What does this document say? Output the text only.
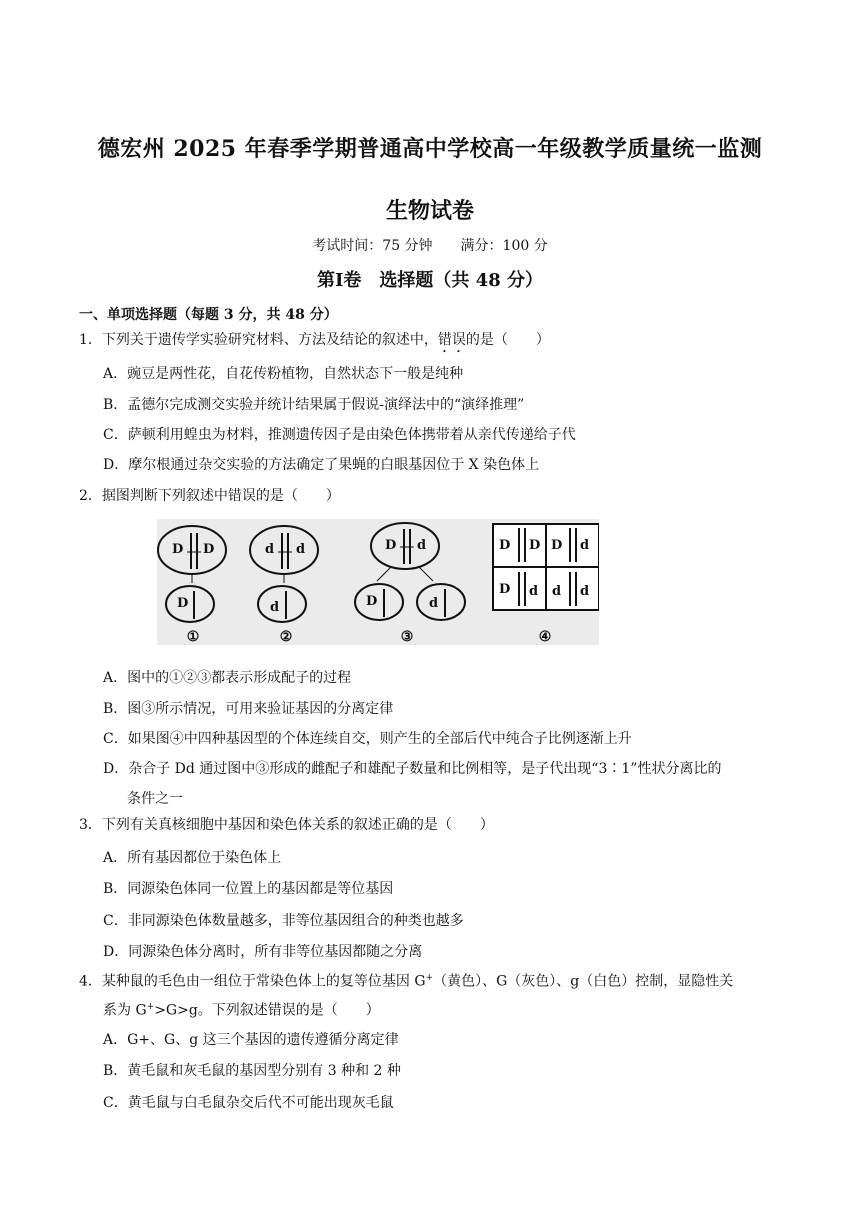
德宏州 2025 年春季学期普通高中学校高一年级教学质量统一监测
生物试卷
考试时间：75 分钟 满分：100 分
第Ⅰ卷　选择题（共 48 分）
一、单项选择题（每题 3 分，共 48 分）
1．下列关于遗传学实验研究材料、方法及结论的叙述中，错误的是（　　）
A．豌豆是两性花，自花传粉植物，自然状态下一般是纯种
B．孟德尔完成测交实验并统计结果属于假说-演绎法中的“演绎推理”
C．萨顿利用蝗虫为材料，推测遗传因子是由染色体携带着从亲代传递给子代
D．摩尔根通过杂交实验的方法确定了果蝇的白眼基因位于 X 染色体上
2．据图判断下列叙述中错误的是（　　）
D D
D
d d
d
D d
D	d
D D D d
D d d d
①	②	③	④
A．图中的①②③都表示形成配子的过程
B．图③所示情况，可用来验证基因的分离定律
C．如果图④中四种基因型的个体连续自交，则产生的全部后代中纯合子比例逐渐上升
D．杂合子 Dd 通过图中③形成的雌配子和雄配子数量和比例相等，是子代出现“3∶1”性状分离比的
条件之一
3．下列有关真核细胞中基因和染色体关系的叙述正确的是（　　）
A．所有基因都位于染色体上
B．同源染色体同一位置上的基因都是等位基因
C．非同源染色体数量越多，非等位基因组合的种类也越多
D．同源染色体分离时，所有非等位基因都随之分离
4．某种鼠的毛色由一组位于常染色体上的复等位基因 G+（黄色）、G（灰色）、g（白色）控制，显隐性关
系为 G+>G>g。下列叙述错误的是（　　）
A．G+、G、g 这三个基因的遗传遵循分离定律
B．黄毛鼠和灰毛鼠的基因型分别有 3 种和 2 种
C．黄毛鼠与白毛鼠杂交后代不可能出现灰毛鼠
